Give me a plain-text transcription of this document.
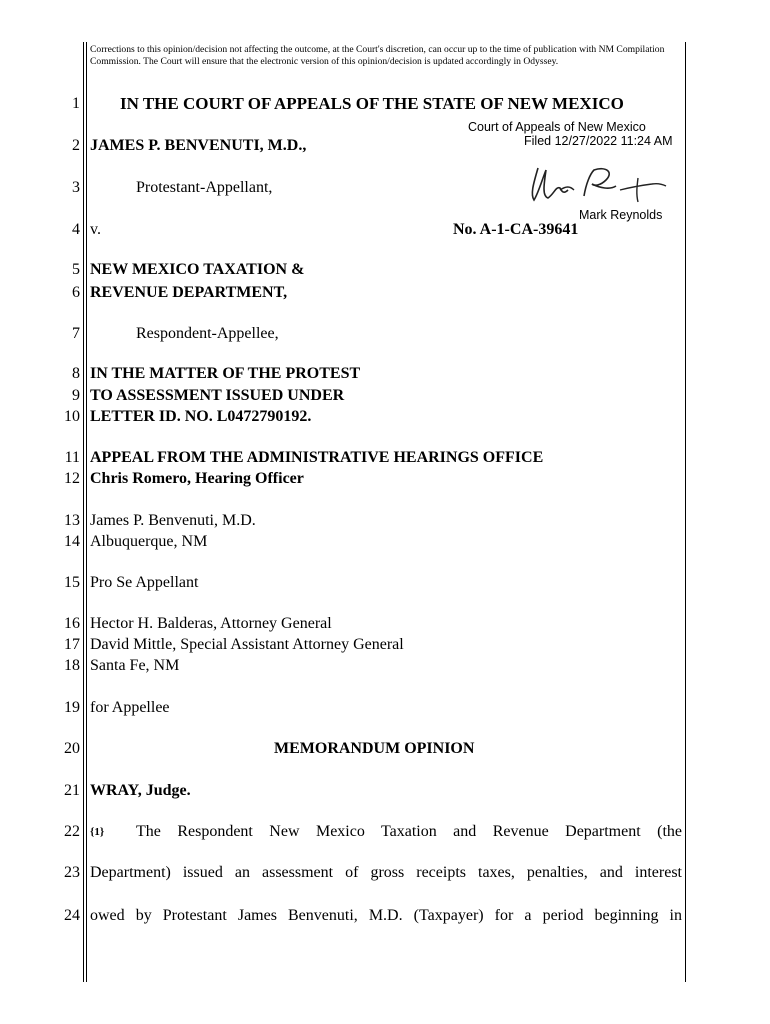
Corrections to this opinion/decision not affecting the outcome, at the Court's discretion, can occur up to the time of publication with NM Compilation Commission. The Court will ensure that the electronic version of this opinion/decision is updated accordingly in Odyssey.
1
2
3
4
5
6
7
8
9
10
11
12
13
14
15
16
17
18
19
20
21
22
23
24
IN THE COURT OF APPEALS OF THE STATE OF NEW MEXICO
Court of Appeals of New Mexico
Filed 12/27/2022 11:24 AM
Mark Reynolds
JAMES P. BENVENUTI, M.D.,
Protestant-Appellant,
v.	No. A-1-CA-39641
NEW MEXICO TAXATION &
REVENUE DEPARTMENT,
Respondent-Appellee,
IN THE MATTER OF THE PROTEST
TO ASSESSMENT ISSUED UNDER
LETTER ID. NO. L0472790192.
APPEAL FROM THE ADMINISTRATIVE HEARINGS OFFICE
Chris Romero, Hearing Officer
James P. Benvenuti, M.D.
Albuquerque, NM
Pro Se Appellant
Hector H. Balderas, Attorney General
David Mittle, Special Assistant Attorney General
Santa Fe, NM
for Appellee
MEMORANDUM OPINION
WRAY, Judge.
{1} The Respondent New Mexico Taxation and Revenue Department (the
Department) issued an assessment of gross receipts taxes, penalties, and interest
owed by Protestant James Benvenuti, M.D. (Taxpayer) for a period beginning in
